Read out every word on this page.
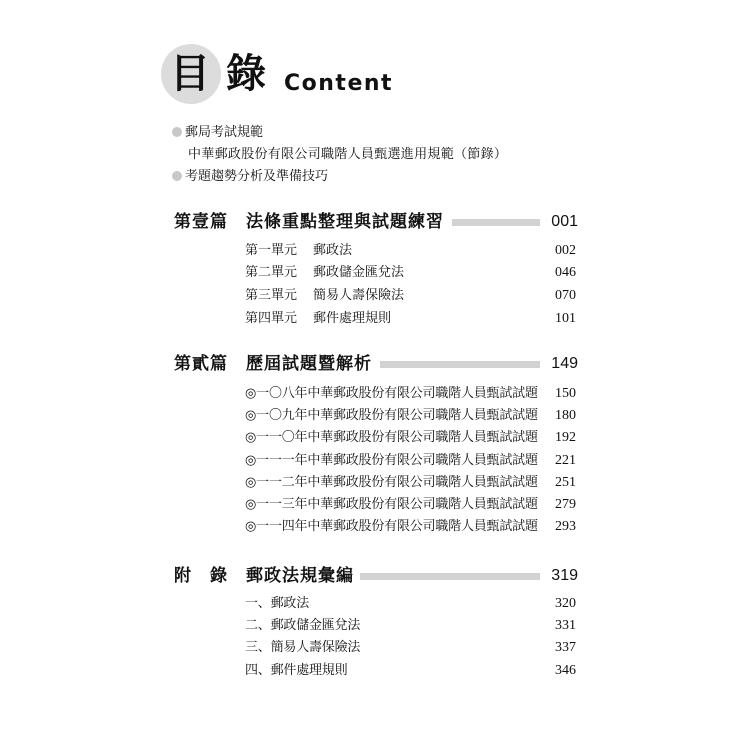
目 錄 Content
郵局考試規範
中華郵政股份有限公司職階人員甄選進用規範（節錄）
考題趨勢分析及準備技巧
第壹篇 法條重點整理與試題練習	001
第一單元 郵政法	002
第二單元 郵政儲金匯兌法	046
第三單元 簡易人壽保險法	070
第四單元 郵件處理規則	101
第貳篇 歷屆試題暨解析	149
◎一〇八年中華郵政股份有限公司職階人員甄試試題 150
◎一〇九年中華郵政股份有限公司職階人員甄試試題 180
◎一一〇年中華郵政股份有限公司職階人員甄試試題 192
◎一一一年中華郵政股份有限公司職階人員甄試試題 221
◎一一二年中華郵政股份有限公司職階人員甄試試題 251
◎一一三年中華郵政股份有限公司職階人員甄試試題 279
◎一一四年中華郵政股份有限公司職階人員甄試試題 293
附　錄 郵政法規彙編	319
一、郵政法	320
二、郵政儲金匯兌法	331
三、簡易人壽保險法	337
四、郵件處理規則	346
